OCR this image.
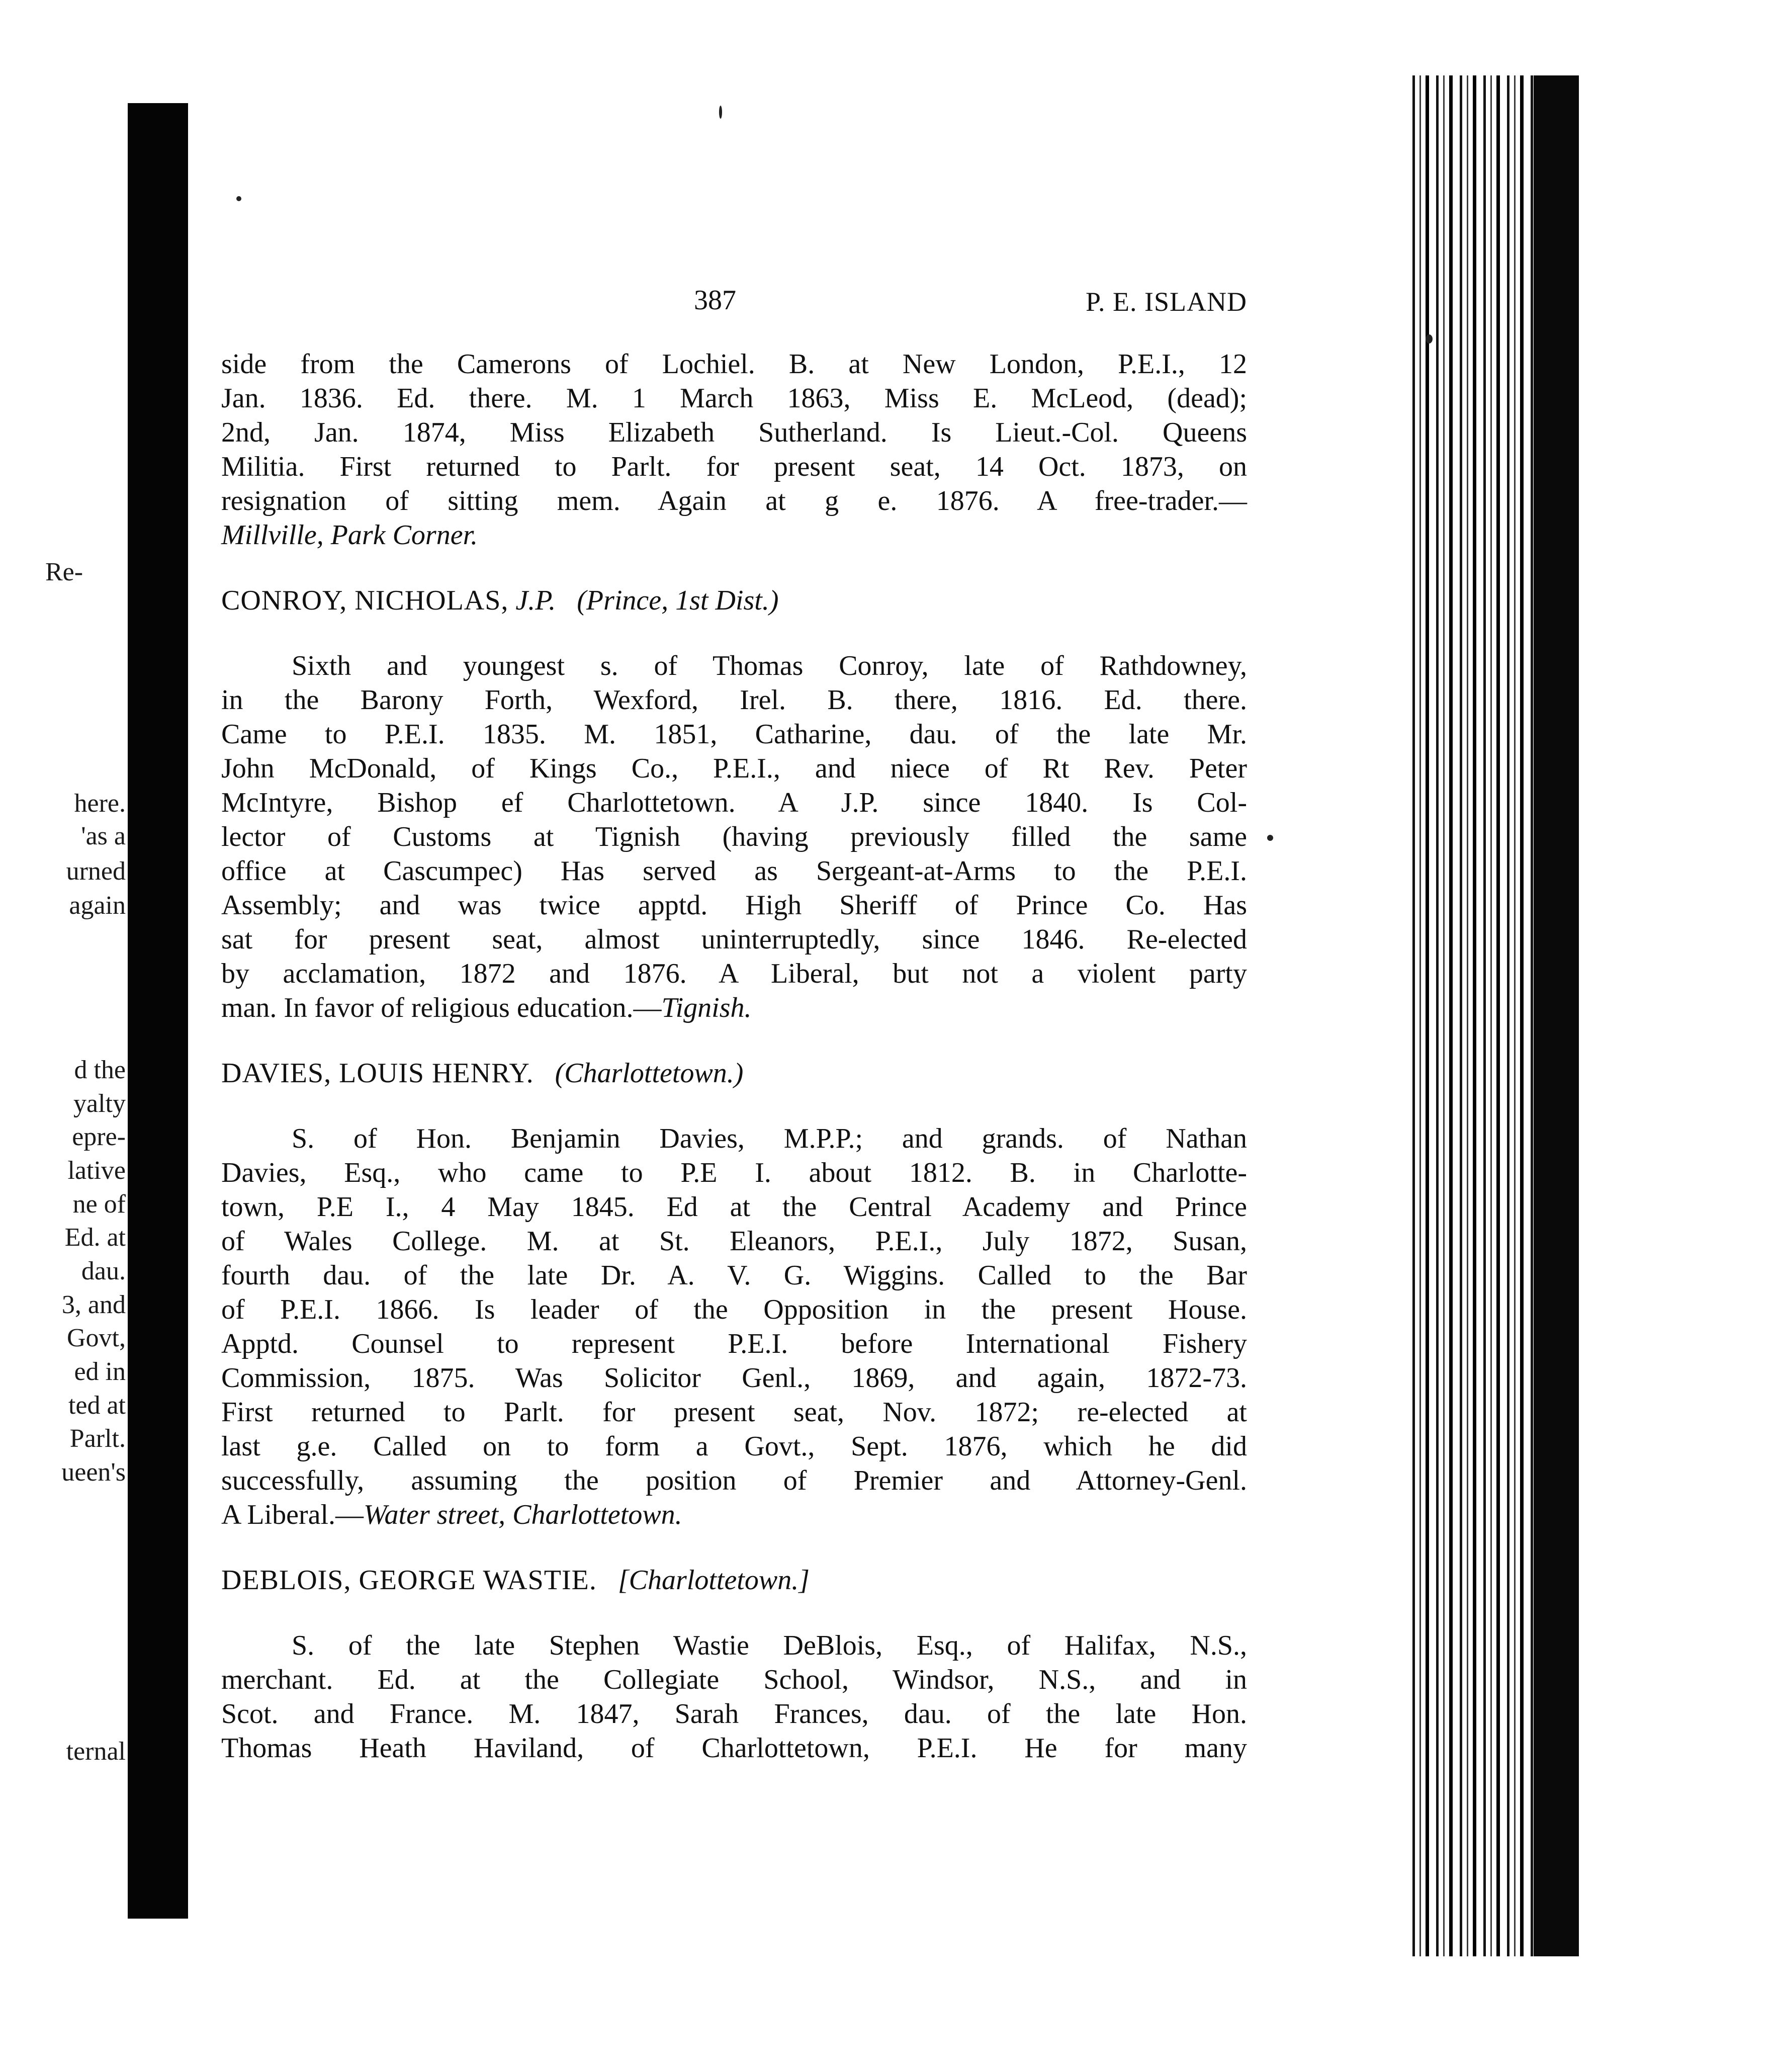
Re-
here.
'as a
urned
again
d the
yalty
epre-
lative
ne of
Ed. at
dau.
3, and
Govt,
ed in
ted at
Parlt.
ueen's
ternal
387	P. E. ISLAND
side from the Camerons of Lochiel. B. at New London, P.E.I., 12
Jan. 1836. Ed. there. M. 1 March 1863, Miss E. McLeod, (dead);
2nd, Jan. 1874, Miss Elizabeth Sutherland. Is Lieut.-Col. Queens
Militia. First returned to Parlt. for present seat, 14 Oct. 1873, on
resignation of sitting mem. Again at g e. 1876. A free-trader.—
Millville, Park Corner.
CONROY, NICHOLAS, J.P. (Prince, 1st Dist.)
Sixth and youngest s. of Thomas Conroy, late of Rathdowney,
in the Barony Forth, Wexford, Irel. B. there, 1816. Ed. there.
Came to P.E.I. 1835. M. 1851, Catharine, dau. of the late Mr.
John McDonald, of Kings Co., P.E.I., and niece of Rt Rev. Peter
McIntyre, Bishop ef Charlottetown. A J.P. since 1840. Is Col-
lector of Customs at Tignish (having previously filled the same
office at Cascumpec) Has served as Sergeant-at-Arms to the P.E.I.
Assembly; and was twice apptd. High Sheriff of Prince Co. Has
sat for present seat, almost uninterruptedly, since 1846. Re-elected
by acclamation, 1872 and 1876. A Liberal, but not a violent party
man. In favor of religious education.—Tignish.
DAVIES, LOUIS HENRY. (Charlottetown.)
S. of Hon. Benjamin Davies, M.P.P.; and grands. of Nathan
Davies, Esq., who came to P.E I. about 1812. B. in Charlotte-
town, P.E I., 4 May 1845. Ed at the Central Academy and Prince
of Wales College. M. at St. Eleanors, P.E.I., July 1872, Susan,
fourth dau. of the late Dr. A. V. G. Wiggins. Called to the Bar
of P.E.I. 1866. Is leader of the Opposition in the present House.
Apptd. Counsel to represent P.E.I. before International Fishery
Commission, 1875. Was Solicitor Genl., 1869, and again, 1872-73.
First returned to Parlt. for present seat, Nov. 1872; re-elected at
last g.e. Called on to form a Govt., Sept. 1876, which he did
successfully, assuming the position of Premier and Attorney-Genl.
A Liberal.—Water street, Charlottetown.
DEBLOIS, GEORGE WASTIE. [Charlottetown.]
S. of the late Stephen Wastie DeBlois, Esq., of Halifax, N.S.,
merchant. Ed. at the Collegiate School, Windsor, N.S., and in
Scot. and France. M. 1847, Sarah Frances, dau. of the late Hon.
Thomas Heath Haviland, of Charlottetown, P.E.I. He for many
